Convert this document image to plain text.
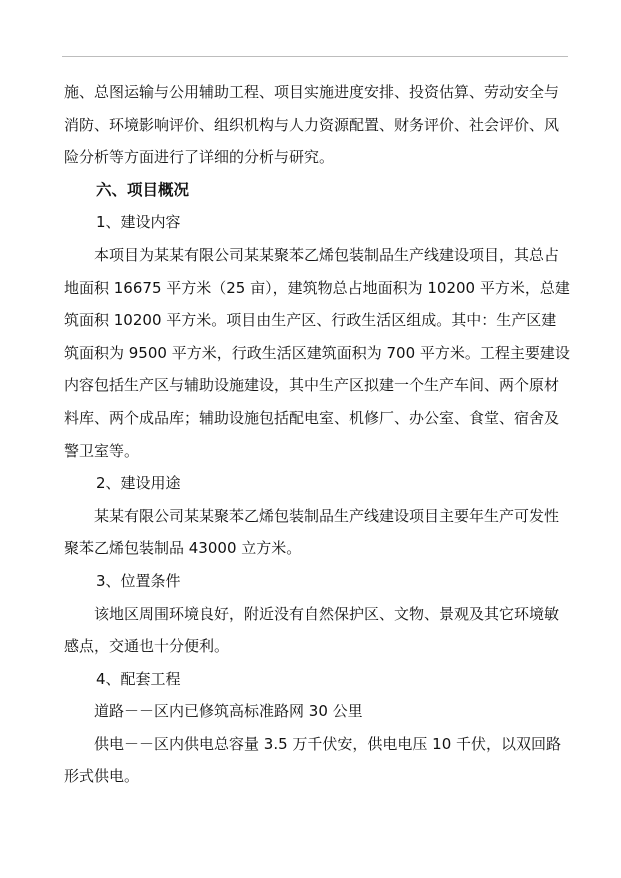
施、总图运输与公用辅助工程、项目实施进度安排、投资估算、劳动安全与消防、环境影响评价、组织机构与人力资源配置、财务评价、社会评价、风险分析等方面进行了详细的分析与研究。

六、项目概况

1、建设内容

本项目为某某有限公司某某聚苯乙烯包装制品生产线建设项目，其总占地面积 16675 平方米（25 亩），建筑物总占地面积为 10200 平方米，总建筑面积 10200 平方米。项目由生产区、行政生活区组成。其中：生产区建筑面积为 9500 平方米，行政生活区建筑面积为 700 平方米。工程主要建设内容包括生产区与辅助设施建设，其中生产区拟建一个生产车间、两个原材料库、两个成品库；辅助设施包括配电室、机修厂、办公室、食堂、宿舍及警卫室等。

2、建设用途

某某有限公司某某聚苯乙烯包装制品生产线建设项目主要年生产可发性聚苯乙烯包装制品 43000 立方米。

3、位置条件

该地区周围环境良好，附近没有自然保护区、文物、景观及其它环境敏感点，交通也十分便利。

4、配套工程

道路－－区内已修筑高标准路网 30 公里

供电－－区内供电总容量 3.5 万千伏安，供电电压 10 千伏，以双回路形式供电。
